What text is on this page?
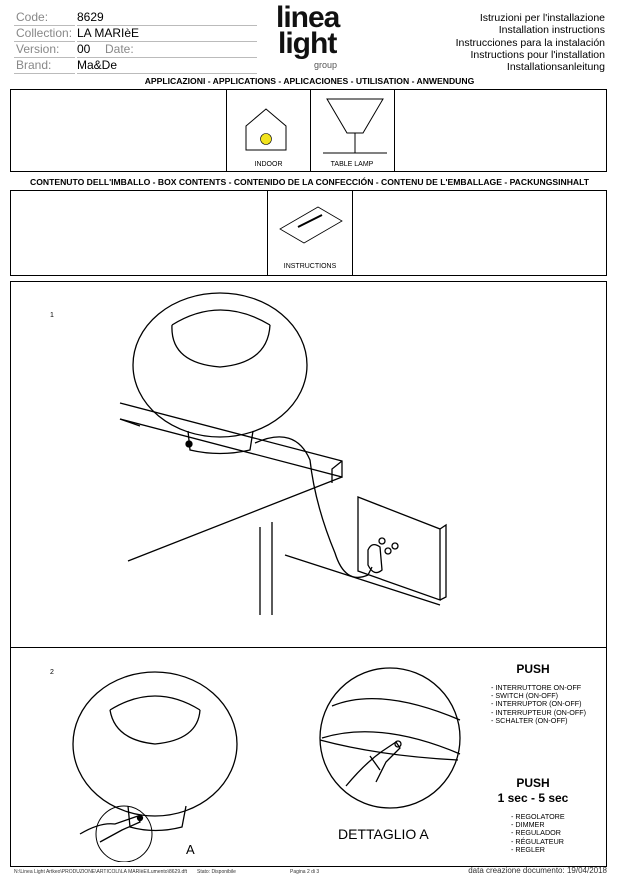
Code: 8629
Collection: LA MARIèE
Version: 00 Date:
Brand: Ma&De
linea
light
group
Istruzioni per l'installazione
Installation instructions
Instrucciones para la instalación
Instructions pour l'installation
Installationsanleitung
APPLICAZIONI - APPLICATIONS - APLICACIONES - UTILISATION - ANWENDUNG
INDOOR	TABLE LAMP
CONTENUTO DELL'IMBALLO - BOX CONTENTS - CONTENIDO DE LA CONFECCIÓN - CONTENU DE L'EMBALLAGE - PACKUNGSINHALT
INSTRUCTIONS
1
2
A
DETTAGLIO A
PUSH
- INTERRUTTORE ON-OFF
- SWITCH (ON-OFF)
- INTERRUPTOR (ON-OFF)
- INTERRUPTEUR (ON-OFF)
- SCHALTER (ON-OFF)
PUSH
1 sec - 5 sec
- REGOLATORE
- DIMMER
- REGULADOR
- RÉGULATEUR
- REGLER
N:\Linea Light Artkeo\PRODUZIONE\ARTICOLI\LA MARIèE\Lumento\8629.dft Stato: Disponibile	Pagina 2 di 3	data creazione documento: 19/04/2018
